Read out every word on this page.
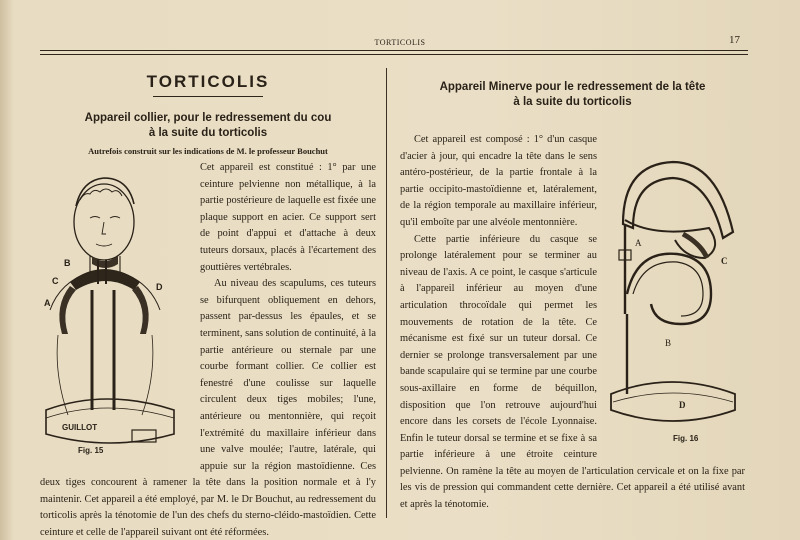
TORTICOLIS	17
TORTICOLIS

Appareil collier, pour le redressement du cou

à la suite du torticolis

Autrefois construit sur les indications de M. le professeur Bouchut

GUILLOT
B
C
A
D
Fig. 15

Cet appareil est constitué : 1° par une ceinture pelvienne non métallique, à la partie postérieure de laquelle est fixée une plaque support en acier. Ce support sert de point d'appui et d'attache à deux tuteurs dorsaux, placés à l'écartement des gouttières vertébrales.

Au niveau des scapulums, ces tuteurs se bifurquent obliquement en dehors, passent par-dessus les épaules, et se terminent, sans solution de continuité, à la partie antérieure ou sternale par une courbe formant collier. Ce collier est fenestré d'une coulisse sur laquelle circulent deux tiges mobiles; l'une, antérieure ou mentonnière, qui reçoit l'extrémité du maxillaire inférieur dans une valve moulée; l'autre, latérale, qui appuie sur la région mastoïdienne. Ces deux tiges concourent à ramener la tête dans la position normale et à l'y maintenir. Cet appareil a été employé, par M. le Dr Bouchut, au redressement du torticolis après la ténotomie de l'un des chefs du sterno-cléido-mastoïdien. Cette ceinture et celle de l'appareil suivant ont été réformées.

Appareil Minerve pour le redressement de la tête

à la suite du torticolis

A
C
B
D
Fig. 16

Cet appareil est composé : 1° d'un casque d'acier à jour, qui encadre la tête dans le sens antéro-postérieur, de la partie frontale à la partie occipito-mastoïdienne et, latéralement, de la région temporale au maxillaire inférieur, qu'il emboîte par une alvéole mentonnière.

Cette partie inférieure du casque se prolonge latéralement pour se terminer au niveau de l'axis. A ce point, le casque s'articule à l'appareil inférieur au moyen d'une articulation throcoïdale qui permet les mouvements de rotation de la tête. Ce mécanisme est fixé sur un tuteur dorsal. Ce dernier se prolonge transversalement par une bande scapulaire qui se termine par une courbe sous-axillaire en forme de béquillon, disposition que l'on retrouve aujourd'hui encore dans les corsets de l'école Lyonnaise. Enfin le tuteur dorsal se termine et se fixe à sa partie inférieure à une étroite ceinture pelvienne. On ramène la tête au moyen de l'articulation cervicale et on la fixe par les vis de pression qui commandent cette dernière. Cet appareil a été utilisé avant et après la ténotomie.
